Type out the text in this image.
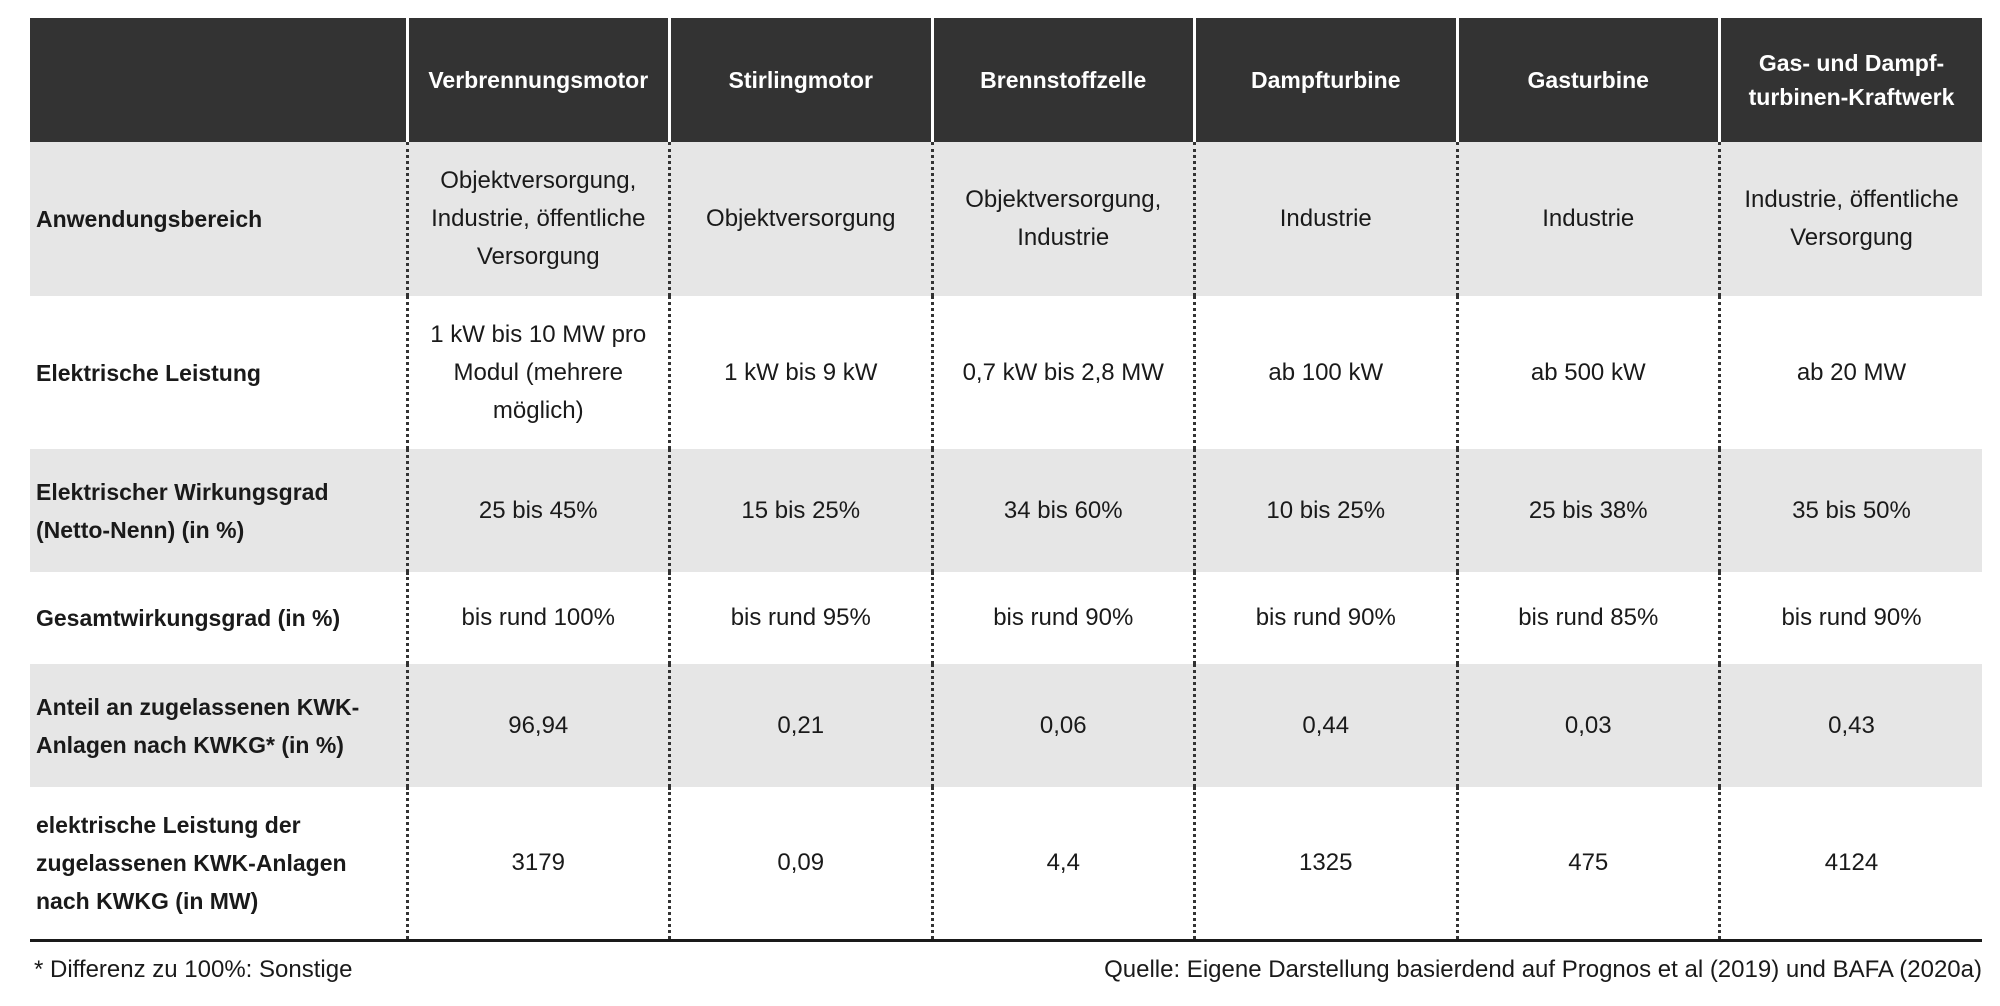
	Verbrennungsmotor	Stirlingmotor	Brennstoffzelle	Dampfturbine	Gasturbine	Gas- und Dampf-turbinen-Kraftwerk
Anwendungsbereich	Objektversorgung, Industrie, öffentliche Versorgung	Objektversorgung	Objektversorgung, Industrie	Industrie	Industrie	Industrie, öffentliche Versorgung
Elektrische Leistung	1 kW bis 10 MW pro Modul (mehrere möglich)	1 kW bis 9 kW	0,7 kW bis 2,8 MW	ab 100 kW	ab 500 kW	ab 20 MW
Elektrischer Wirkungsgrad (Netto-Nenn) (in %)	25 bis 45%	15 bis 25%	34 bis 60%	10 bis 25%	25 bis 38%	35 bis 50%
Gesamtwirkungsgrad (in %)	bis rund 100%	bis rund 95%	bis rund 90%	bis rund 90%	bis rund 85%	bis rund 90%
Anteil an zugelassenen KWK-Anlagen nach KWKG* (in %)	96,94	0,21	0,06	0,44	0,03	0,43
elektrische Leistung der zugelassenen KWK-Anlagen nach KWKG (in MW)	3179	0,09	4,4	1325	475	4124
* Differenz zu 100%: Sonstige	Quelle: Eigene Darstellung basierdend auf Prognos et al (2019) und BAFA (2020a)
